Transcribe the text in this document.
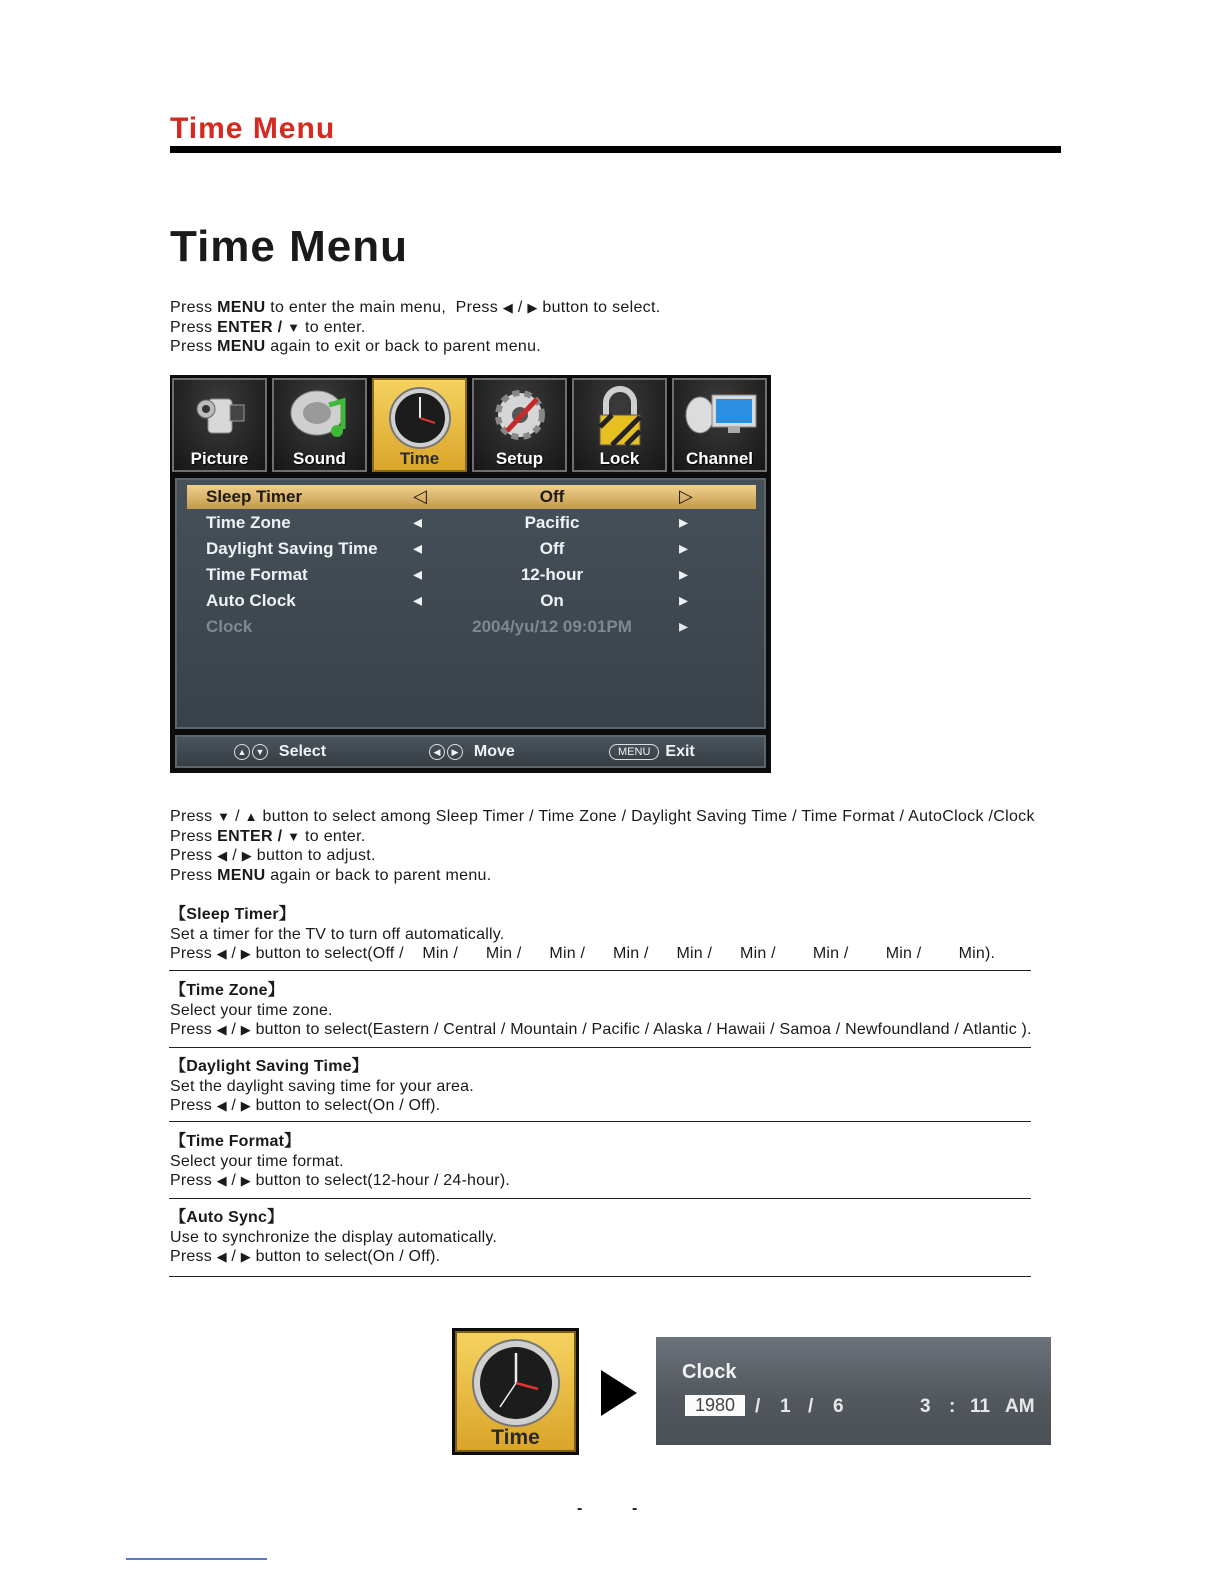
Time Menu
Time Menu
Press MENU to enter the main menu, Press ◀ / ▶ button to select.
Press ENTER / ▼ to enter.
Press MENU again to exit or back to parent menu.
Picture	Sound	Time	Setup	Lock	Channel
Sleep Timer	◁	Off	▷
Time Zone	◂	Pacific	▸
Daylight Saving Time ◂	Off	▸
Time Format	◂	12-hour	▸
Auto Clock	◂	On	▸
Clock	2004/yu/12 09:01PM	▸
▲ ▼ Select	◀ ▶ Move	MENU Exit
Press ▼ / ▲ button to select among Sleep Timer / Time Zone / Daylight Saving Time / Time Format / AutoClock /Clock
Press ENTER / ▼ to enter.
Press ◀ / ▶ button to adjust.
Press MENU again or back to parent menu.
【Sleep Timer】
Set a timer for the TV to turn off automatically.
Press ◀ / ▶ button to select(Off / Min /      Min /      Min /      Min /      Min /      Min /        Min /        Min /        Min).
【Time Zone】
Select your time zone.
Press ◀ / ▶ button to select(Eastern / Central / Mountain / Pacific / Alaska / Hawaii / Samoa / Newfoundland / Atlantic ).
【Daylight Saving Time】
Set the daylight saving time for your area.
Press ◀ / ▶ button to select(On / Off).
【Time Format】
Select your time format.
Press ◀ / ▶ button to select(12-hour / 24-hour).
【Auto Sync】
Use to synchronize the display automatically.
Press ◀ / ▶ button to select(On / Off).
Time
Clock
1980	/ 1 / 6	3 : 11 AM
-	-
